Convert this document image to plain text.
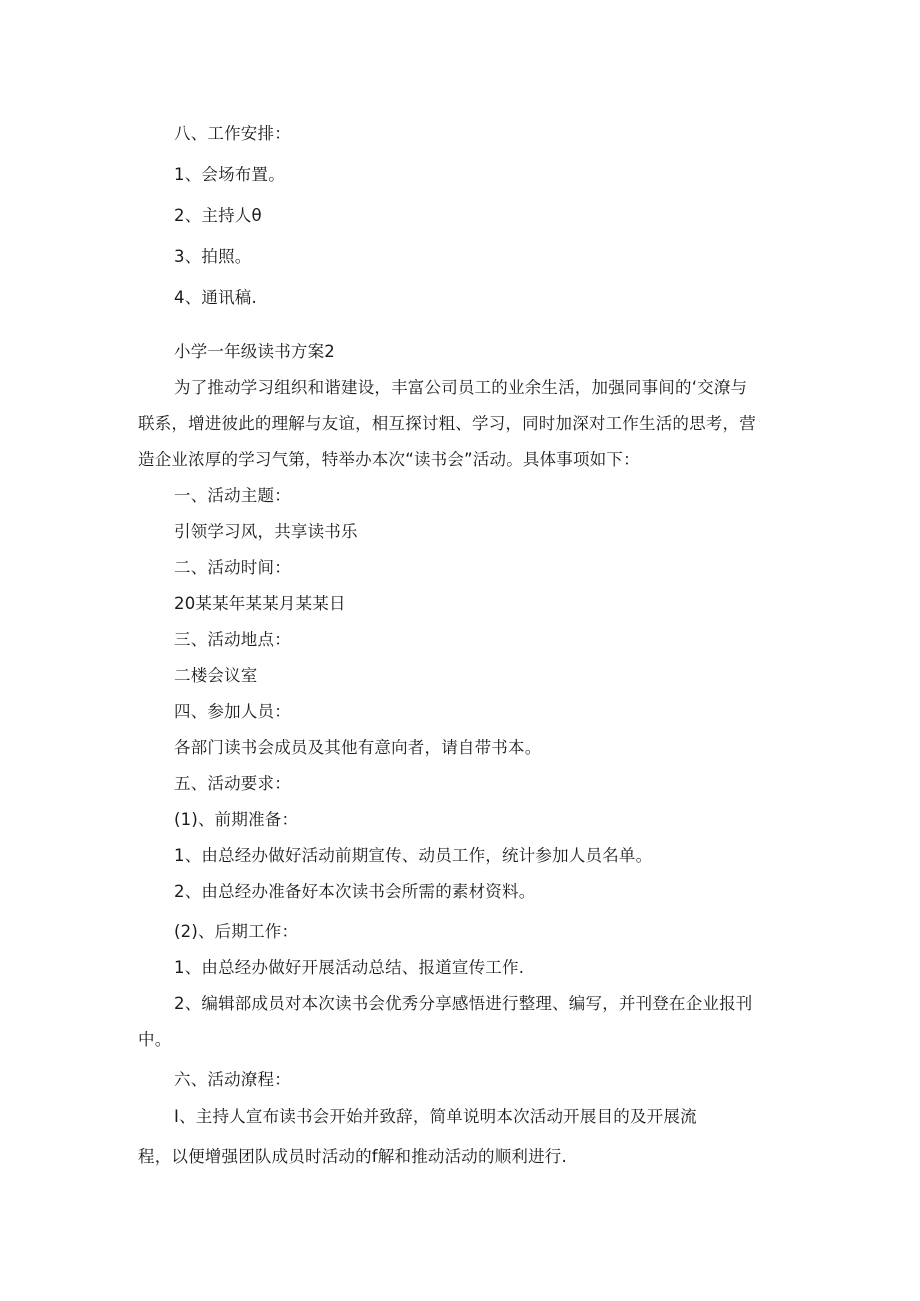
八、工作安排：
1、会场布置。
2、主持人θ
3、拍照。
4、通讯稿.
小学一年级读书方案2
为了推动学习组织和谐建设，丰富公司员工的业余生活，加强同事间的‘交潦与
联系，增进彼此的理解与友谊，相互探讨粗、学习，同时加深对工作生活的思考，营
造企业浓厚的学习气第，特举办本次“读书会”活动。具体事项如下：
一、活动主题：
引领学习风，共享读书乐
二、活动时间：
20某某年某某月某某日
三、活动地点：
二楼会议室
四、参加人员：
各部门读书会成员及其他有意向者，请自带书本。
五、活动要求：
(1)、前期准备：
1、由总经办做好活动前期宣传、动员工作，统计参加人员名单。
2、由总经办准备好本次读书会所需的素材资料。
(2)、后期工作：
1、由总经办做好开展活动总结、报道宣传工作.
2、编辑部成员对本次读书会优秀分享感悟进行整理、编写，并刊登在企业报刊
中。
六、活动潦程：
I、主持人宣布读书会开始并致辞，简单说明本次活动开展目的及开展流
程，以便增强团队成员时活动的f解和推动活动的顺利进行.
